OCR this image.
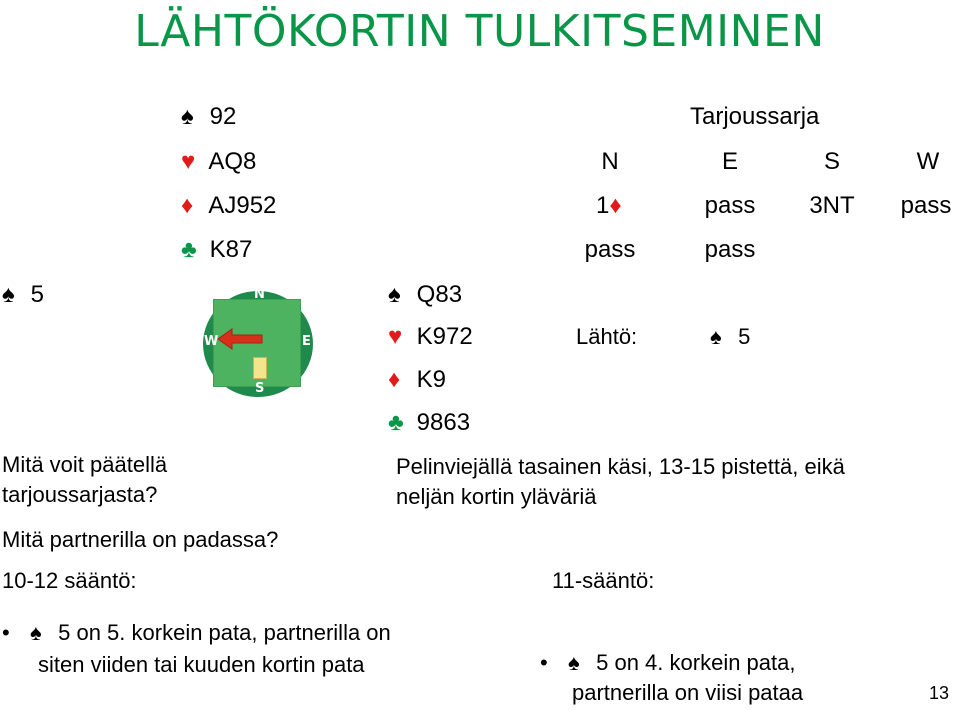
LÄHTÖKORTIN TULKITSEMINEN
♠ 92
♥ AQ8
♦ AJ952
♣ K87
♠ 5	N
E
S
W
♠ Q83
♥ K972
♦ K9
♣ 9863
Tarjoussarja
N	E	S	W
1♦	pass	3NT	pass
pass	pass
Lähtö:	♠ 5
Mitä voit päätellä
tarjoussarjasta?
Mitä partnerilla on padassa?
Pelinviejällä tasainen käsi, 13-15 pistettä, eikä
neljän kortin yläväriä
10-12 sääntö:
• ♠ 5 on 5. korkein pata, partnerilla on
siten viiden tai kuuden kortin pata
11-sääntö:
• ♠ 5 on 4. korkein pata,
partnerilla on viisi pataa	13
